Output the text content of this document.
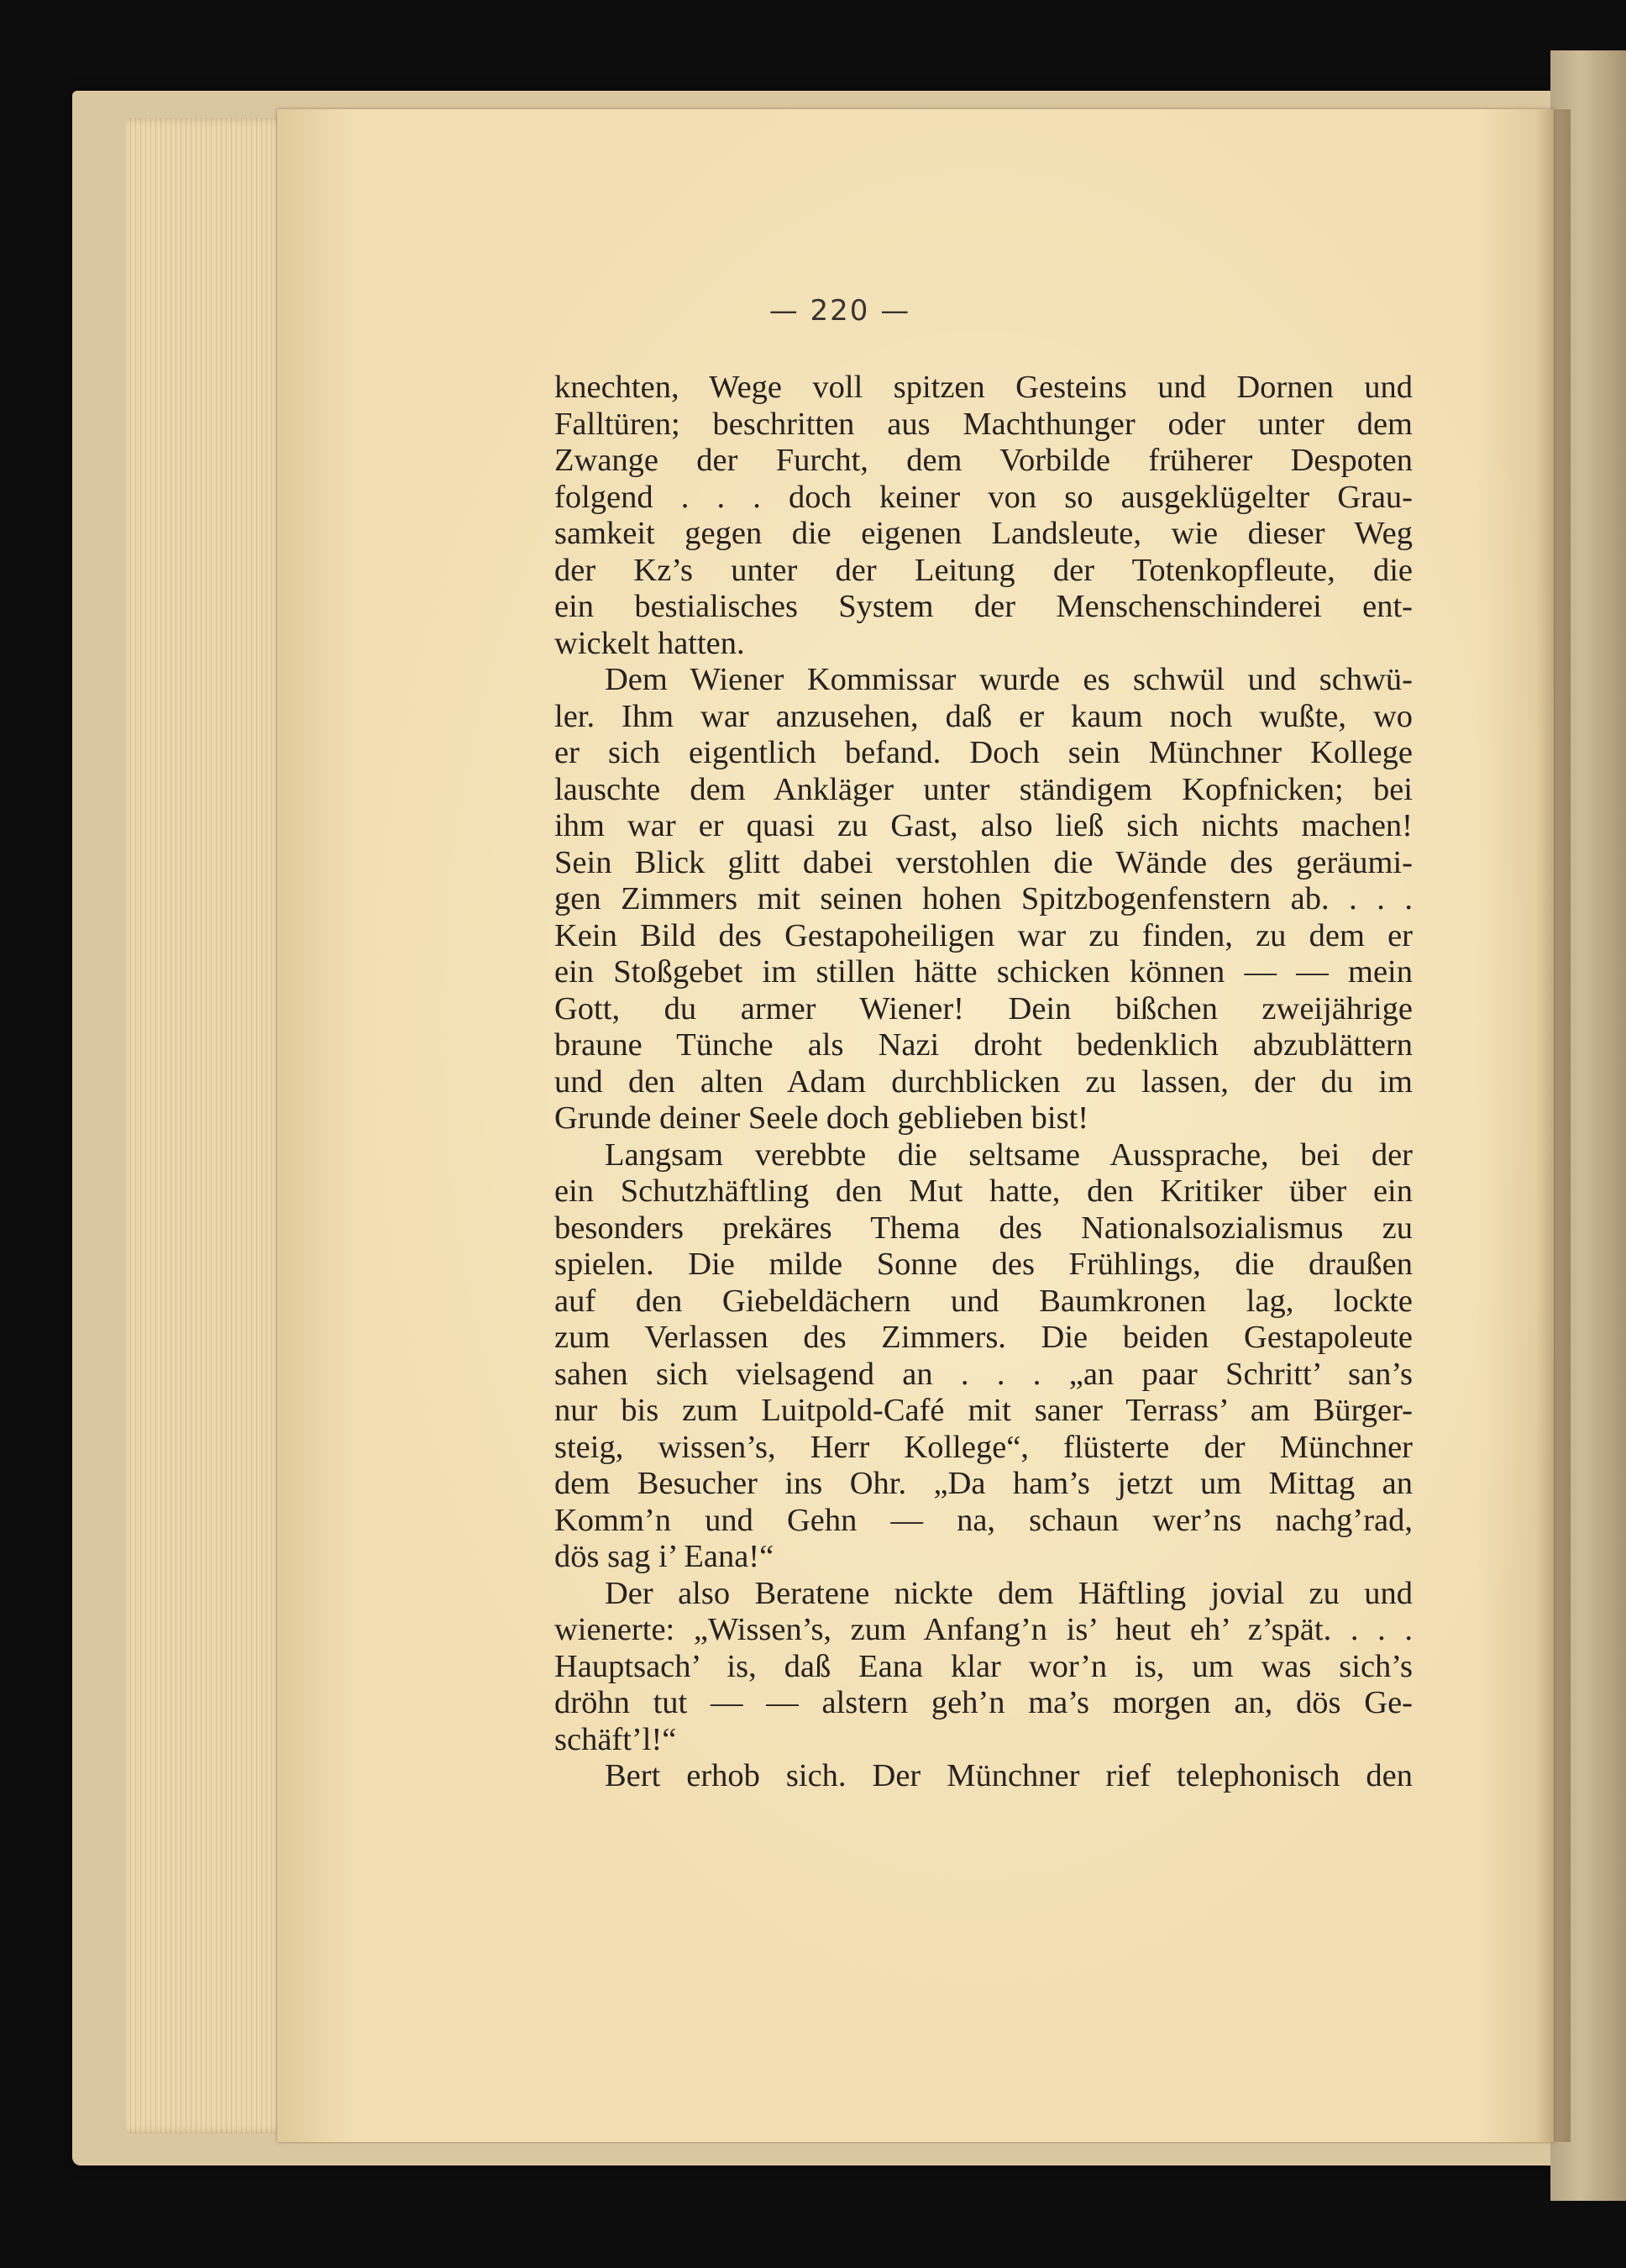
— 220 —
knechten, Wege voll spitzen Gesteins und Dornen und
Falltüren; beschritten aus Machthunger oder unter dem
Zwange der Furcht, dem Vorbilde früherer Despoten
folgend . . . doch keiner von so ausgeklügelter Grau-
samkeit gegen die eigenen Landsleute, wie dieser Weg
der Kz’s unter der Leitung der Totenkopfleute, die
ein bestialisches System der Menschenschinderei ent-
wickelt hatten.
Dem Wiener Kommissar wurde es schwül und schwü-
ler. Ihm war anzusehen, daß er kaum noch wußte, wo
er sich eigentlich befand. Doch sein Münchner Kollege
lauschte dem Ankläger unter ständigem Kopfnicken; bei
ihm war er quasi zu Gast, also ließ sich nichts machen!
Sein Blick glitt dabei verstohlen die Wände des geräumi-
gen Zimmers mit seinen hohen Spitzbogenfenstern ab. . . .
Kein Bild des Gestapoheiligen war zu finden, zu dem er
ein Stoßgebet im stillen hätte schicken können — — mein
Gott, du armer Wiener! Dein bißchen zweijährige
braune Tünche als Nazi droht bedenklich abzublättern
und den alten Adam durchblicken zu lassen, der du im
Grunde deiner Seele doch geblieben bist!
Langsam verebbte die seltsame Aussprache, bei der
ein Schutzhäftling den Mut hatte, den Kritiker über ein
besonders prekäres Thema des Nationalsozialismus zu
spielen. Die milde Sonne des Frühlings, die draußen
auf den Giebeldächern und Baumkronen lag, lockte
zum Verlassen des Zimmers. Die beiden Gestapoleute
sahen sich vielsagend an . . . „an paar Schritt’ san’s
nur bis zum Luitpold-Café mit saner Terrass’ am Bürger-
steig, wissen’s, Herr Kollege“, flüsterte der Münchner
dem Besucher ins Ohr. „Da ham’s jetzt um Mittag an
Komm’n und Gehn — na, schaun wer’ns nachg’rad,
dös sag i’ Eana!“
Der also Beratene nickte dem Häftling jovial zu und
wienerte: „Wissen’s, zum Anfang’n is’ heut eh’ z’spät. . . .
Hauptsach’ is, daß Eana klar wor’n is, um was sich’s
dröhn tut — — alstern geh’n ma’s morgen an, dös Ge-
schäft’l!“
Bert erhob sich. Der Münchner rief telephonisch den
